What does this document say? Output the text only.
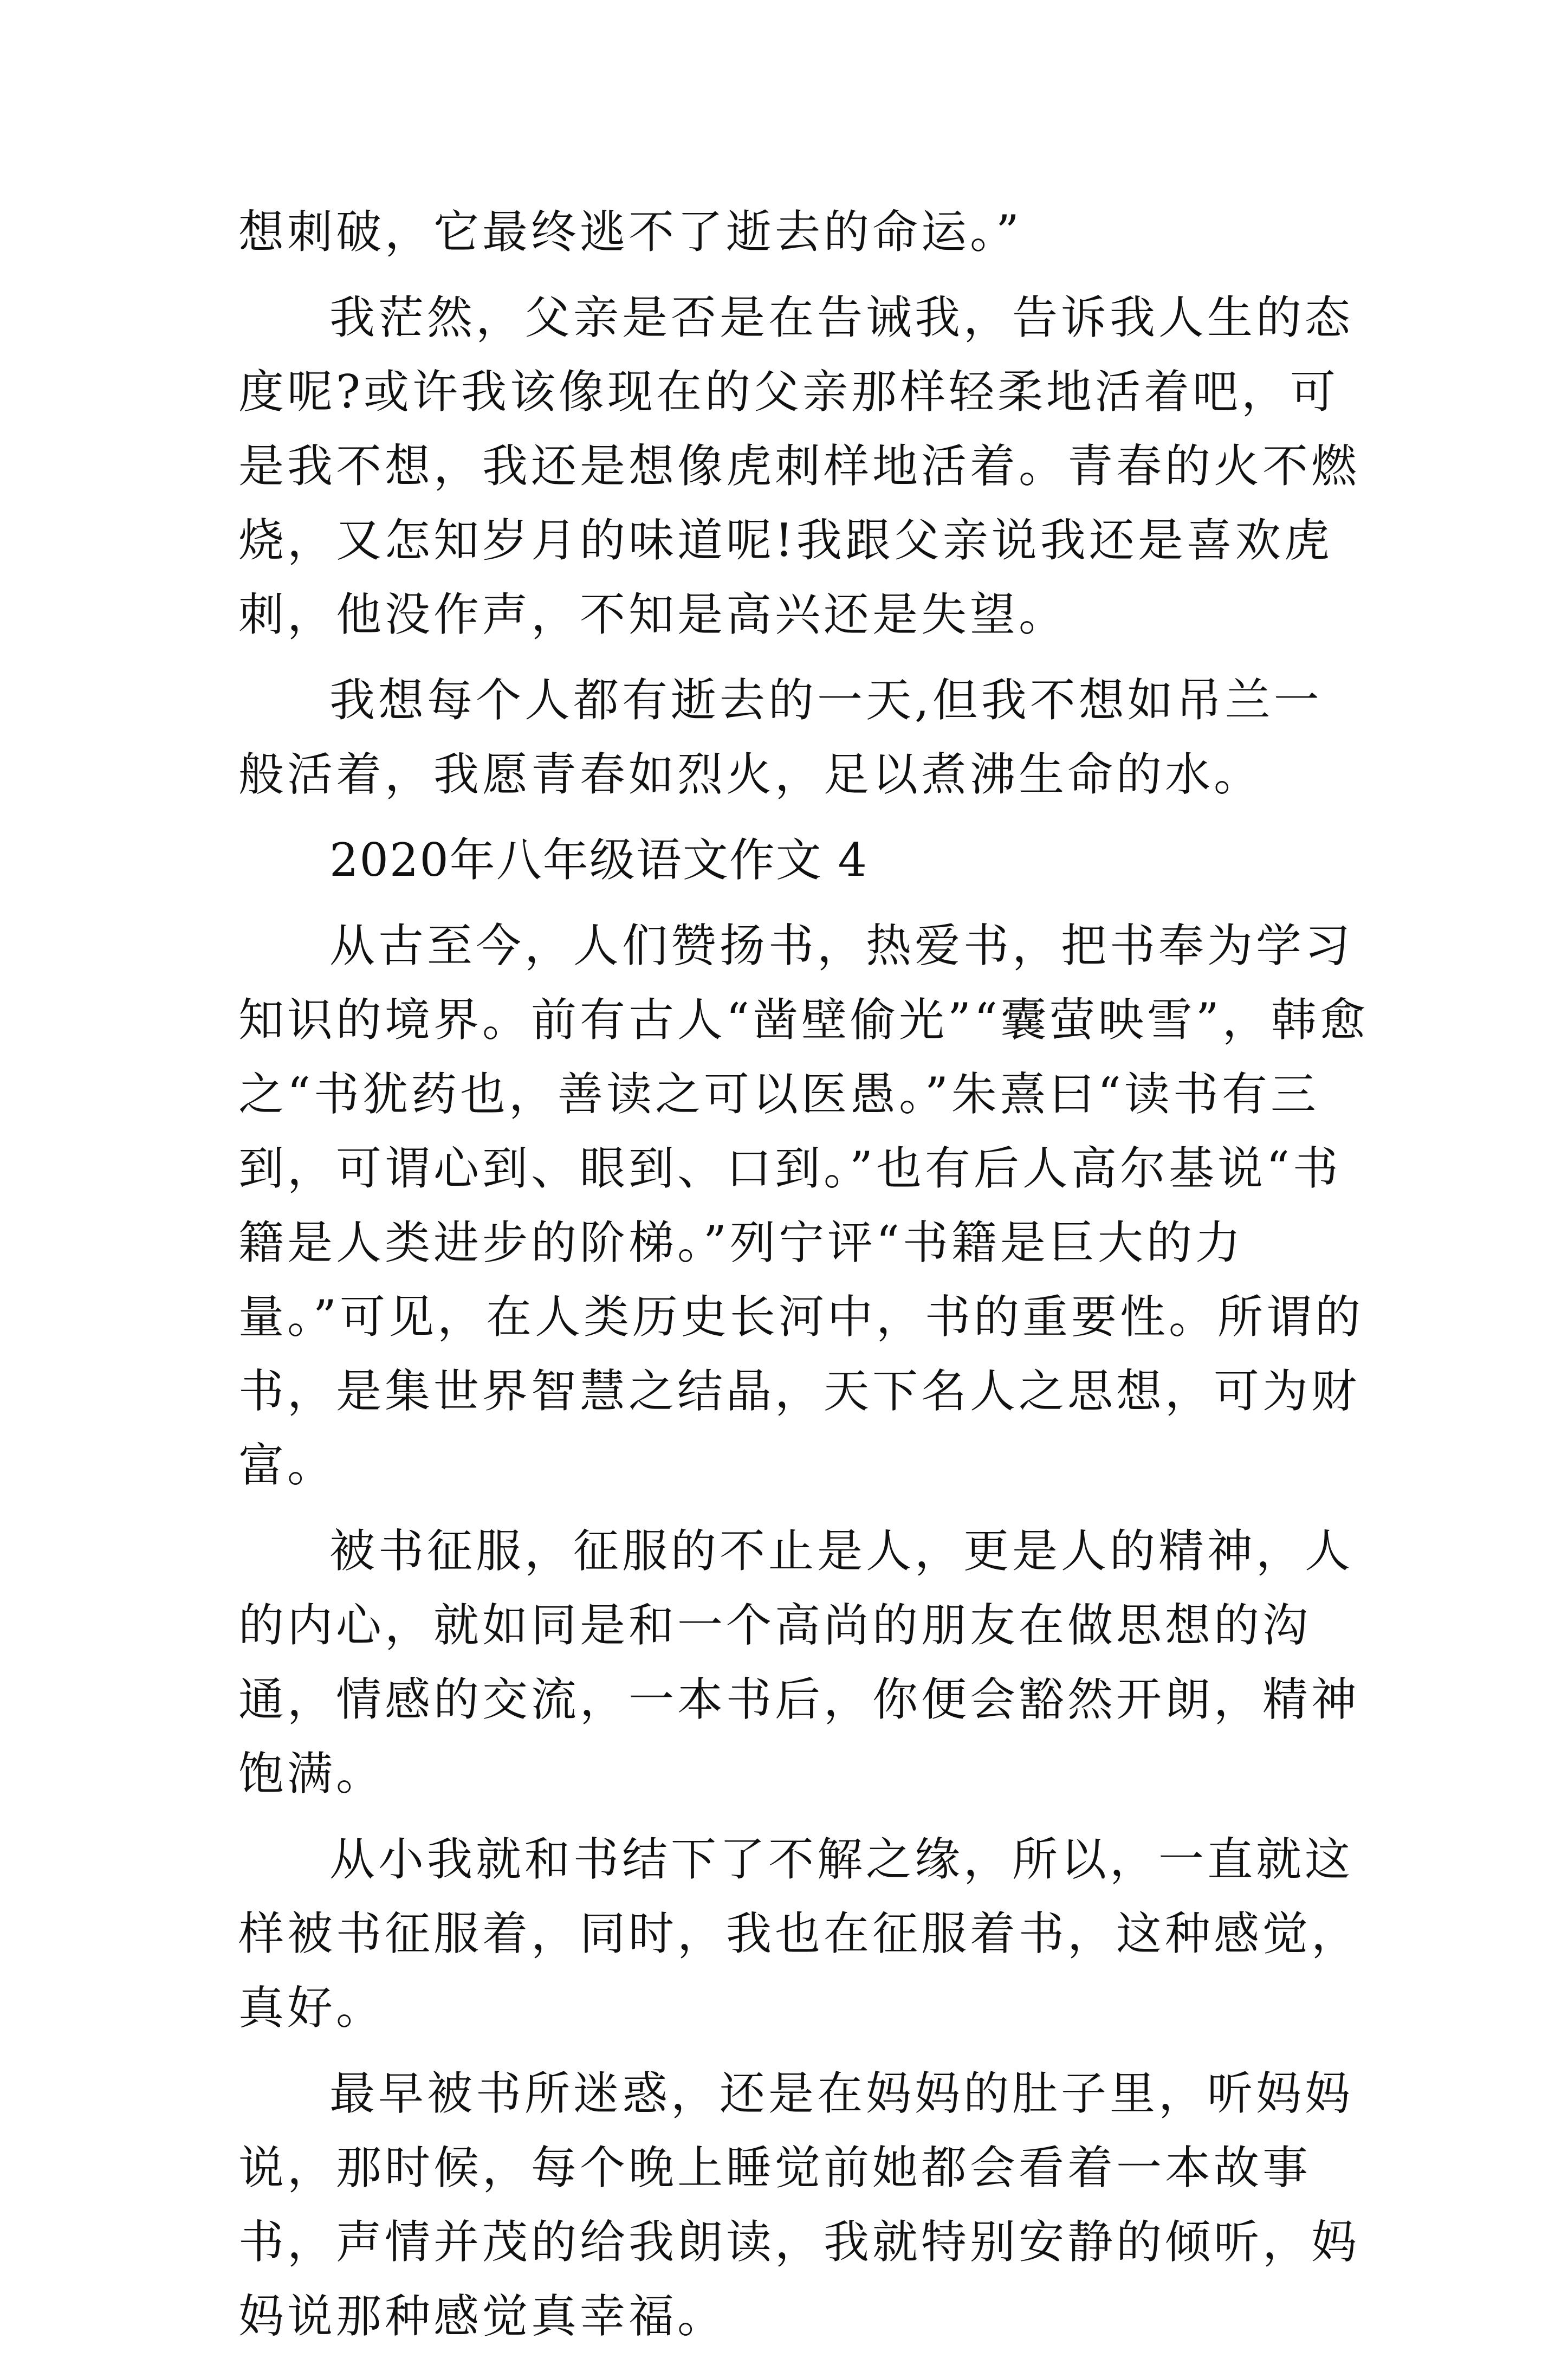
想刺破，它最终逃不了逝去的命运。”

我茫然，父亲是否是在告诫我，告诉我人生的态度呢?或许我该像现在的父亲那样轻柔地活着吧，可是我不想，我还是想像虎刺样地活着。青春的火不燃烧，又怎知岁月的味道呢!我跟父亲说我还是喜欢虎刺，他没作声，不知是高兴还是失望。

我想每个人都有逝去的一天,但我不想如吊兰一般活着，我愿青春如烈火，足以煮沸生命的水。

2020年八年级语文作文 4

从古至今，人们赞扬书，热爱书，把书奉为学习知识的境界。前有古人“凿壁偷光”“囊萤映雪”，韩愈之“书犹药也，善读之可以医愚。”朱熹曰“读书有三到，可谓心到、眼到、口到。”也有后人高尔基说“书籍是人类进步的阶梯。”列宁评“书籍是巨大的力量。”可见，在人类历史长河中，书的重要性。所谓的书，是集世界智慧之结晶，天下名人之思想，可为财富。

被书征服，征服的不止是人，更是人的精神，人的内心，就如同是和一个高尚的朋友在做思想的沟通，情感的交流，一本书后，你便会豁然开朗，精神饱满。

从小我就和书结下了不解之缘，所以，一直就这样被书征服着，同时，我也在征服着书，这种感觉，真好。

最早被书所迷惑，还是在妈妈的肚子里，听妈妈说，那时候，每个晚上睡觉前她都会看着一本故事书，声情并茂的给我朗读，我就特别安静的倾听，妈妈说那种感觉真幸福。
